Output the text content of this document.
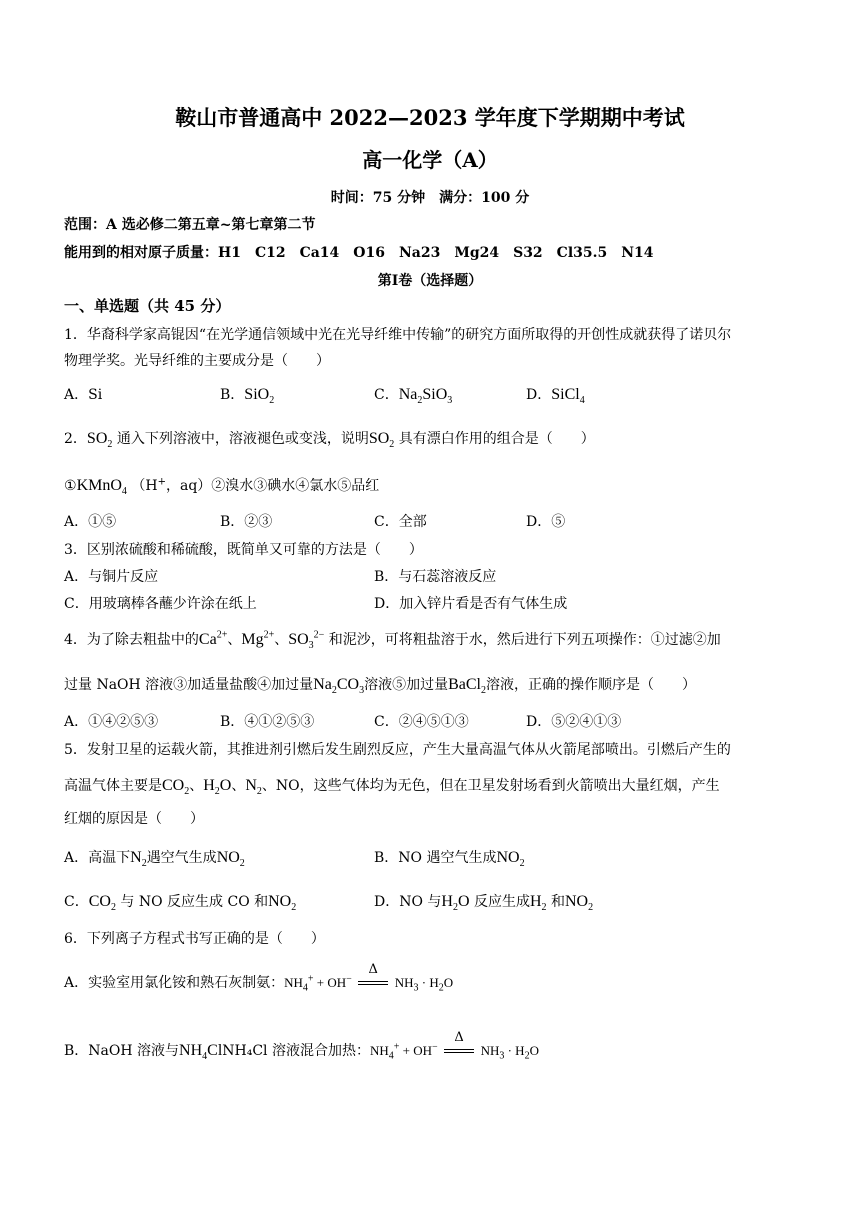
鞍山市普通高中 2022—2023 学年度下学期期中考试
高一化学（A）
时间：75 分钟　满分：100 分
范围：A 选必修二第五章~第七章第二节
能用到的相对原子质量：H1　C12　Ca14　O16　Na23　Mg24　S32　Cl35.5　N14
第Ⅰ卷（选择题）
一、单选题（共 45 分）
1．华裔科学家高锟因“在光学通信领域中光在光导纤维中传输”的研究方面所取得的开创性成就获得了诺贝尔
物理学奖。光导纤维的主要成分是（　　）
A．Si	B．SiO$_2$	C．$Na_2SiO_3$	D．SiCl$_4$
2．$SO_2$ 通入下列溶液中，溶液褪色或变浅，说明$SO_2$ 具有漂白作用的组合是（　　）
①KMnO$_4$ （H+，aq）②溴水③碘水④氯水⑤品红
A．①⑤	B．②③	C．全部	D．⑤
3．区别浓硫酸和稀硫酸，既简单又可靠的方法是（　　）
A．与铜片反应	B．与石蕊溶液反应
C．用玻璃棒各蘸少许涂在纸上	D．加入锌片看是否有气体生成
4．为了除去粗盐中的$Ca^{2+}$、$Mg^{2+}$、$SO_3^{2-}$ 和泥沙，可将粗盐溶于水，然后进行下列五项操作：①过滤②加
过量 NaOH 溶液③加适量盐酸④加过量$Na_2CO_3$溶液⑤加过量BaCl$_2$溶液，正确的操作顺序是（　　）
A．①④②⑤③	B．④①②⑤③	C．②④⑤①③	D．⑤②④①③
5．发射卫星的运载火箭，其推进剂引燃后发生剧烈反应，产生大量高温气体从火箭尾部喷出。引燃后产生的
高温气体主要是$CO_2$、$H_2O$、$N_2$、NO，这些气体均为无色，但在卫星发射场看到火箭喷出大量红烟，产生
红烟的原因是（　　）
A．高温下$N_2$遇空气生成$NO_2$	B．NO 遇空气生成$NO_2$
C．$CO_2$ 与 NO 反应生成 CO 和$NO_2$	D．NO 与$H_2O$ 反应生成$H_2$ 和$NO_2$
6．下列离子方程式书写正确的是（　　）
A．实验室用氯化铵和熟石灰制氨：$NH_4^+ + OH^-$
Δ
$NH_3 \cdot H_2O$
B．NaOH 溶液与$NH_4ClNH_4Cl$ 溶液混合加热：$NH_4^+ + OH^-$
Δ
$NH_3 \cdot H_2O$
